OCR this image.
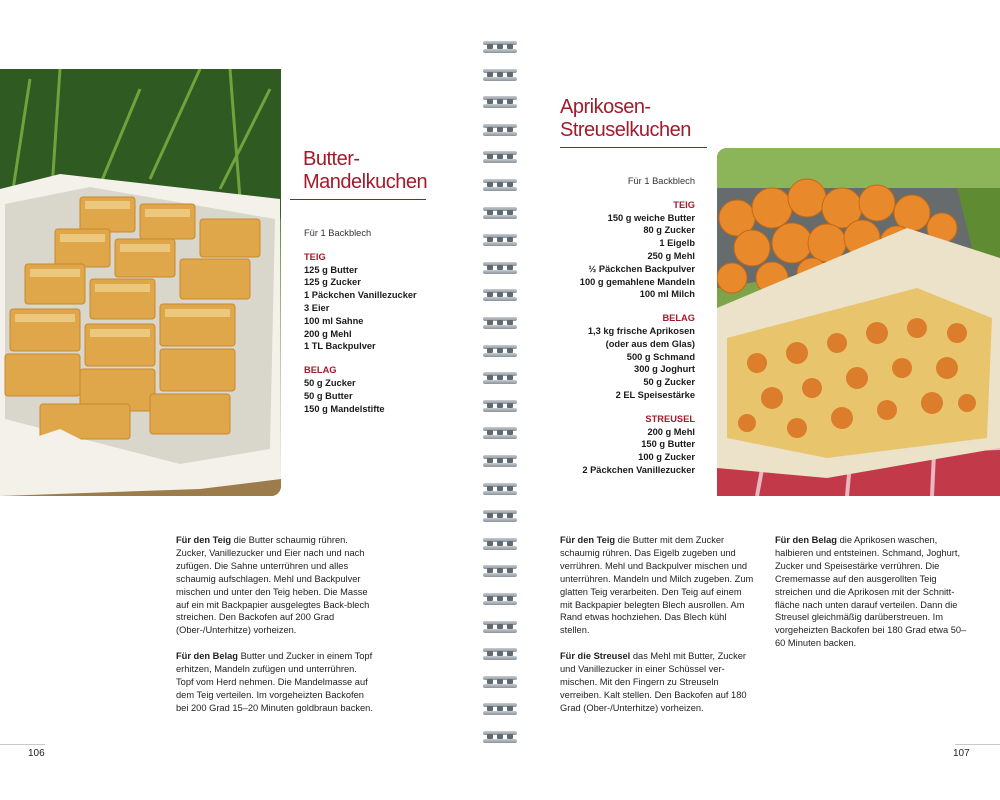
Butter-
Mandelkuchen
Für 1 Backblech
TEIG
125 g Butter
125 g Zucker
1 Päckchen Vanillezucker
3 Eier
100 ml Sahne
200 g Mehl
1 TL Backpulver
BELAG
50 g Zucker
50 g Butter
150 g Mandelstifte

Für den Teig die Butter schaumig rühren. Zucker, Vanillezucker und Eier nach und nach zufügen. Die Sahne unterrühren und alles schaumig aufschlagen. Mehl und Backpulver mischen und unter den Teig heben. Die Masse auf ein mit Backpapier ausgelegtes Back-blech streichen. Den Backofen auf 200 Grad (Ober-/Unterhitze) vorheizen.

Für den Belag Butter und Zucker in einem Topf erhitzen, Mandeln zufügen und unterrühren. Topf vom Herd nehmen. Die Mandelmasse auf dem Teig verteilen. Im vorgeheizten Backofen bei 200 Grad 15–20 Minuten goldbraun backen.

Aprikosen-
Streuselkuchen
Für 1 Backblech
TEIG
150 g weiche Butter
80 g Zucker
1 Eigelb
250 g Mehl
½ Päckchen Backpulver
100 g gemahlene Mandeln
100 ml Milch
BELAG
1,3 kg frische Aprikosen
(oder aus dem Glas)
500 g Schmand
300 g Joghurt
50 g Zucker
2 EL Speisestärke
STREUSEL
200 g Mehl
150 g Butter
100 g Zucker
2 Päckchen Vanillezucker

Für den Teig die Butter mit dem Zucker schaumig rühren. Das Eigelb zugeben und verrühren. Mehl und Backpulver mischen und unterrühren. Mandeln und Milch zugeben. Zum glatten Teig verarbeiten. Den Teig auf einem mit Backpapier belegten Blech ausrollen. Am Rand etwas hochziehen. Das Blech kühl stellen.

Für die Streusel das Mehl mit Butter, Zucker und Vanillezucker in einer Schüssel ver-mischen. Mit den Fingern zu Streuseln verreiben. Kalt stellen. Den Backofen auf 180 Grad (Ober-/Unterhitze) vorheizen.

Für den Belag die Aprikosen waschen, halbieren und entsteinen. Schmand, Joghurt, Zucker und Speisestärke verrühren. Die Crememasse auf den ausgerollten Teig streichen und die Aprikosen mit der Schnitt-fläche nach unten darauf verteilen. Dann die Streusel gleichmäßig darüberstreuen. Im vorgeheizten Backofen bei 180 Grad etwa 50–60 Minuten backen.

106	107
